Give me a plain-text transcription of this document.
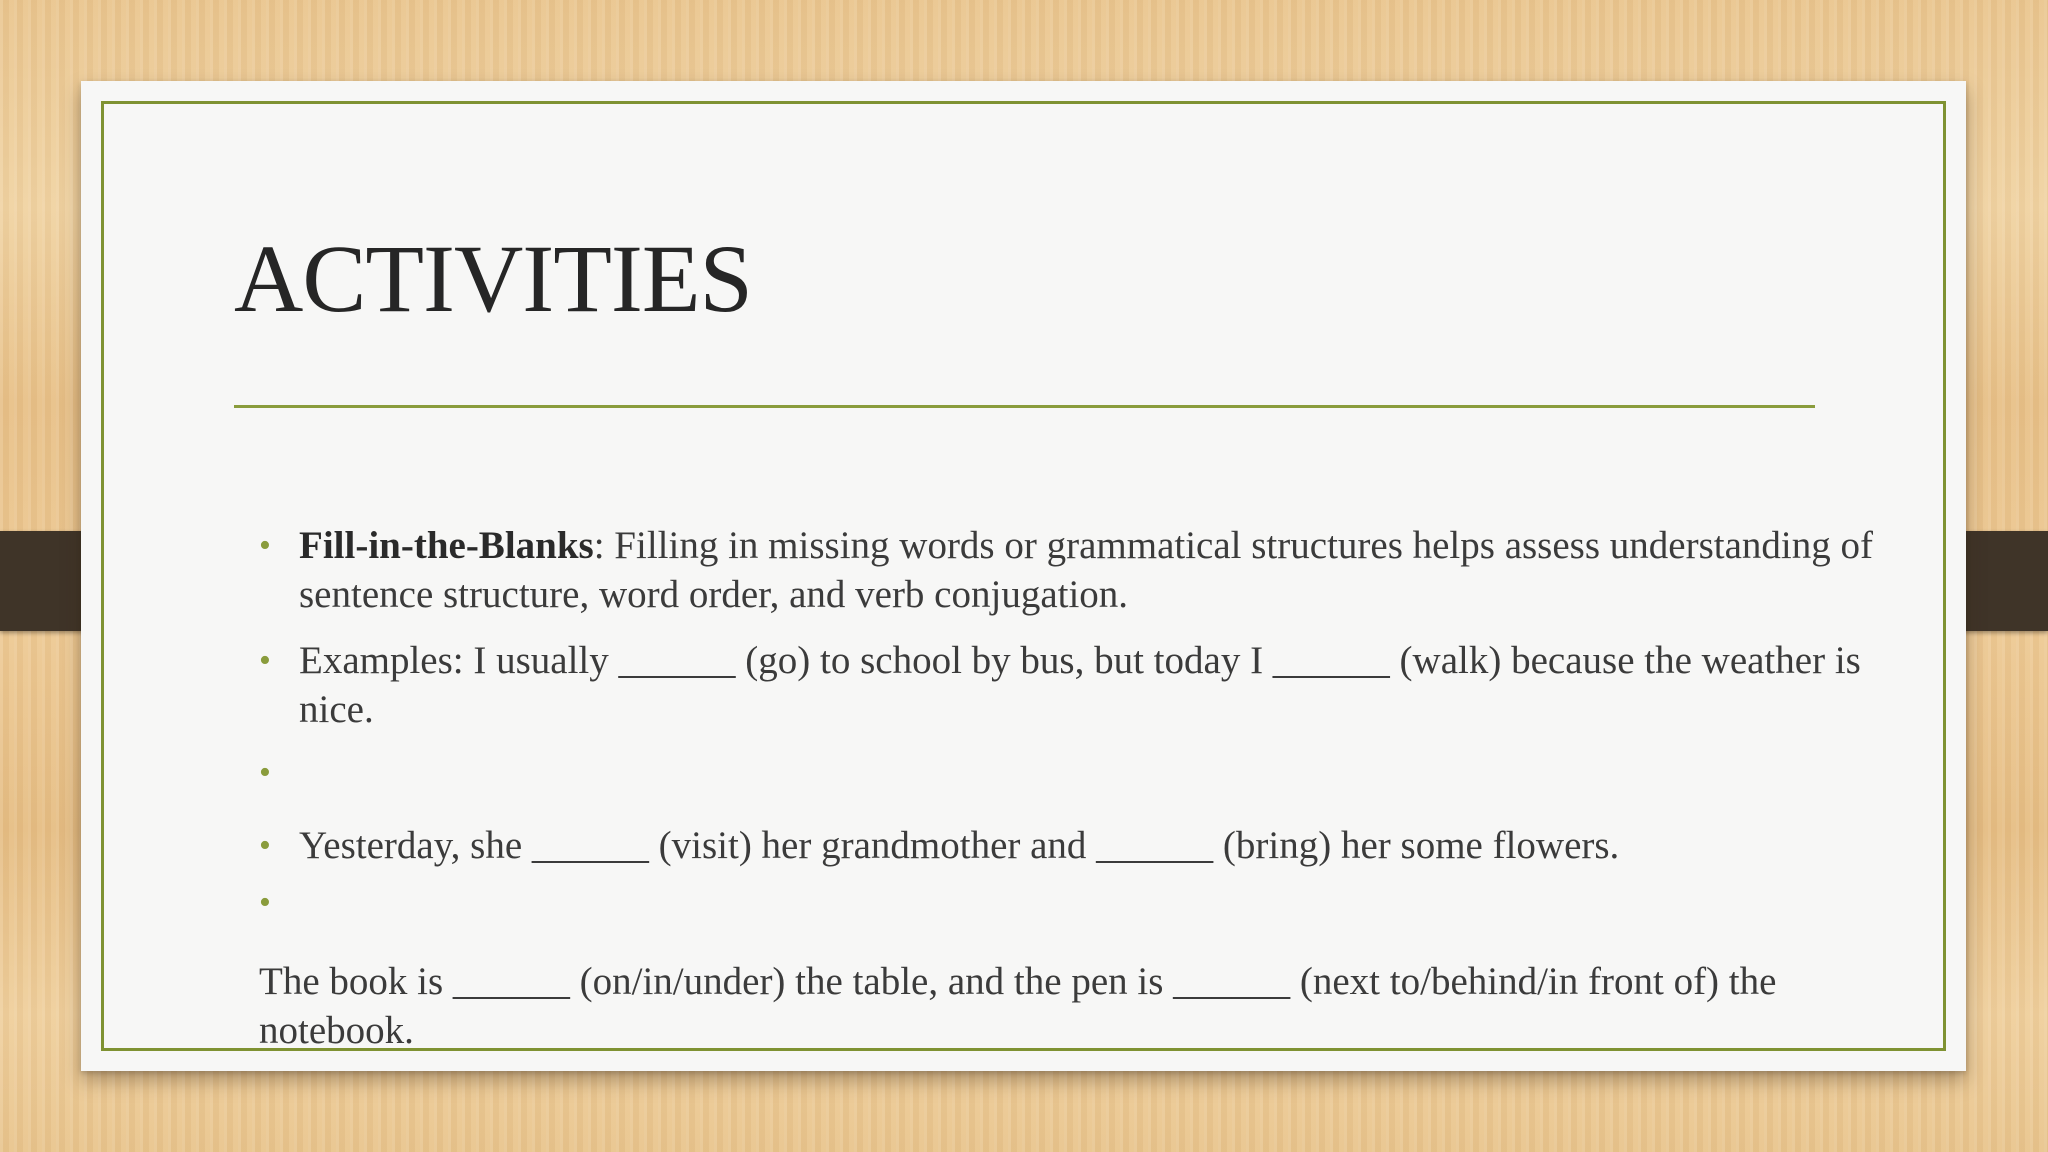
ACTIVITIES

• Fill-in-the-Blanks: Filling in missing words or grammatical structures helps assess understanding of sentence structure, word order, and verb conjugation.

• Examples: I usually ______ (go) to school by bus, but today I ______ (walk) because the weather is nice.

•

• Yesterday, she ______ (visit) her grandmother and ______ (bring) her some flowers.

•

The book is ______ (on/in/under) the table, and the pen is ______ (next to/behind/in front of) the notebook.
